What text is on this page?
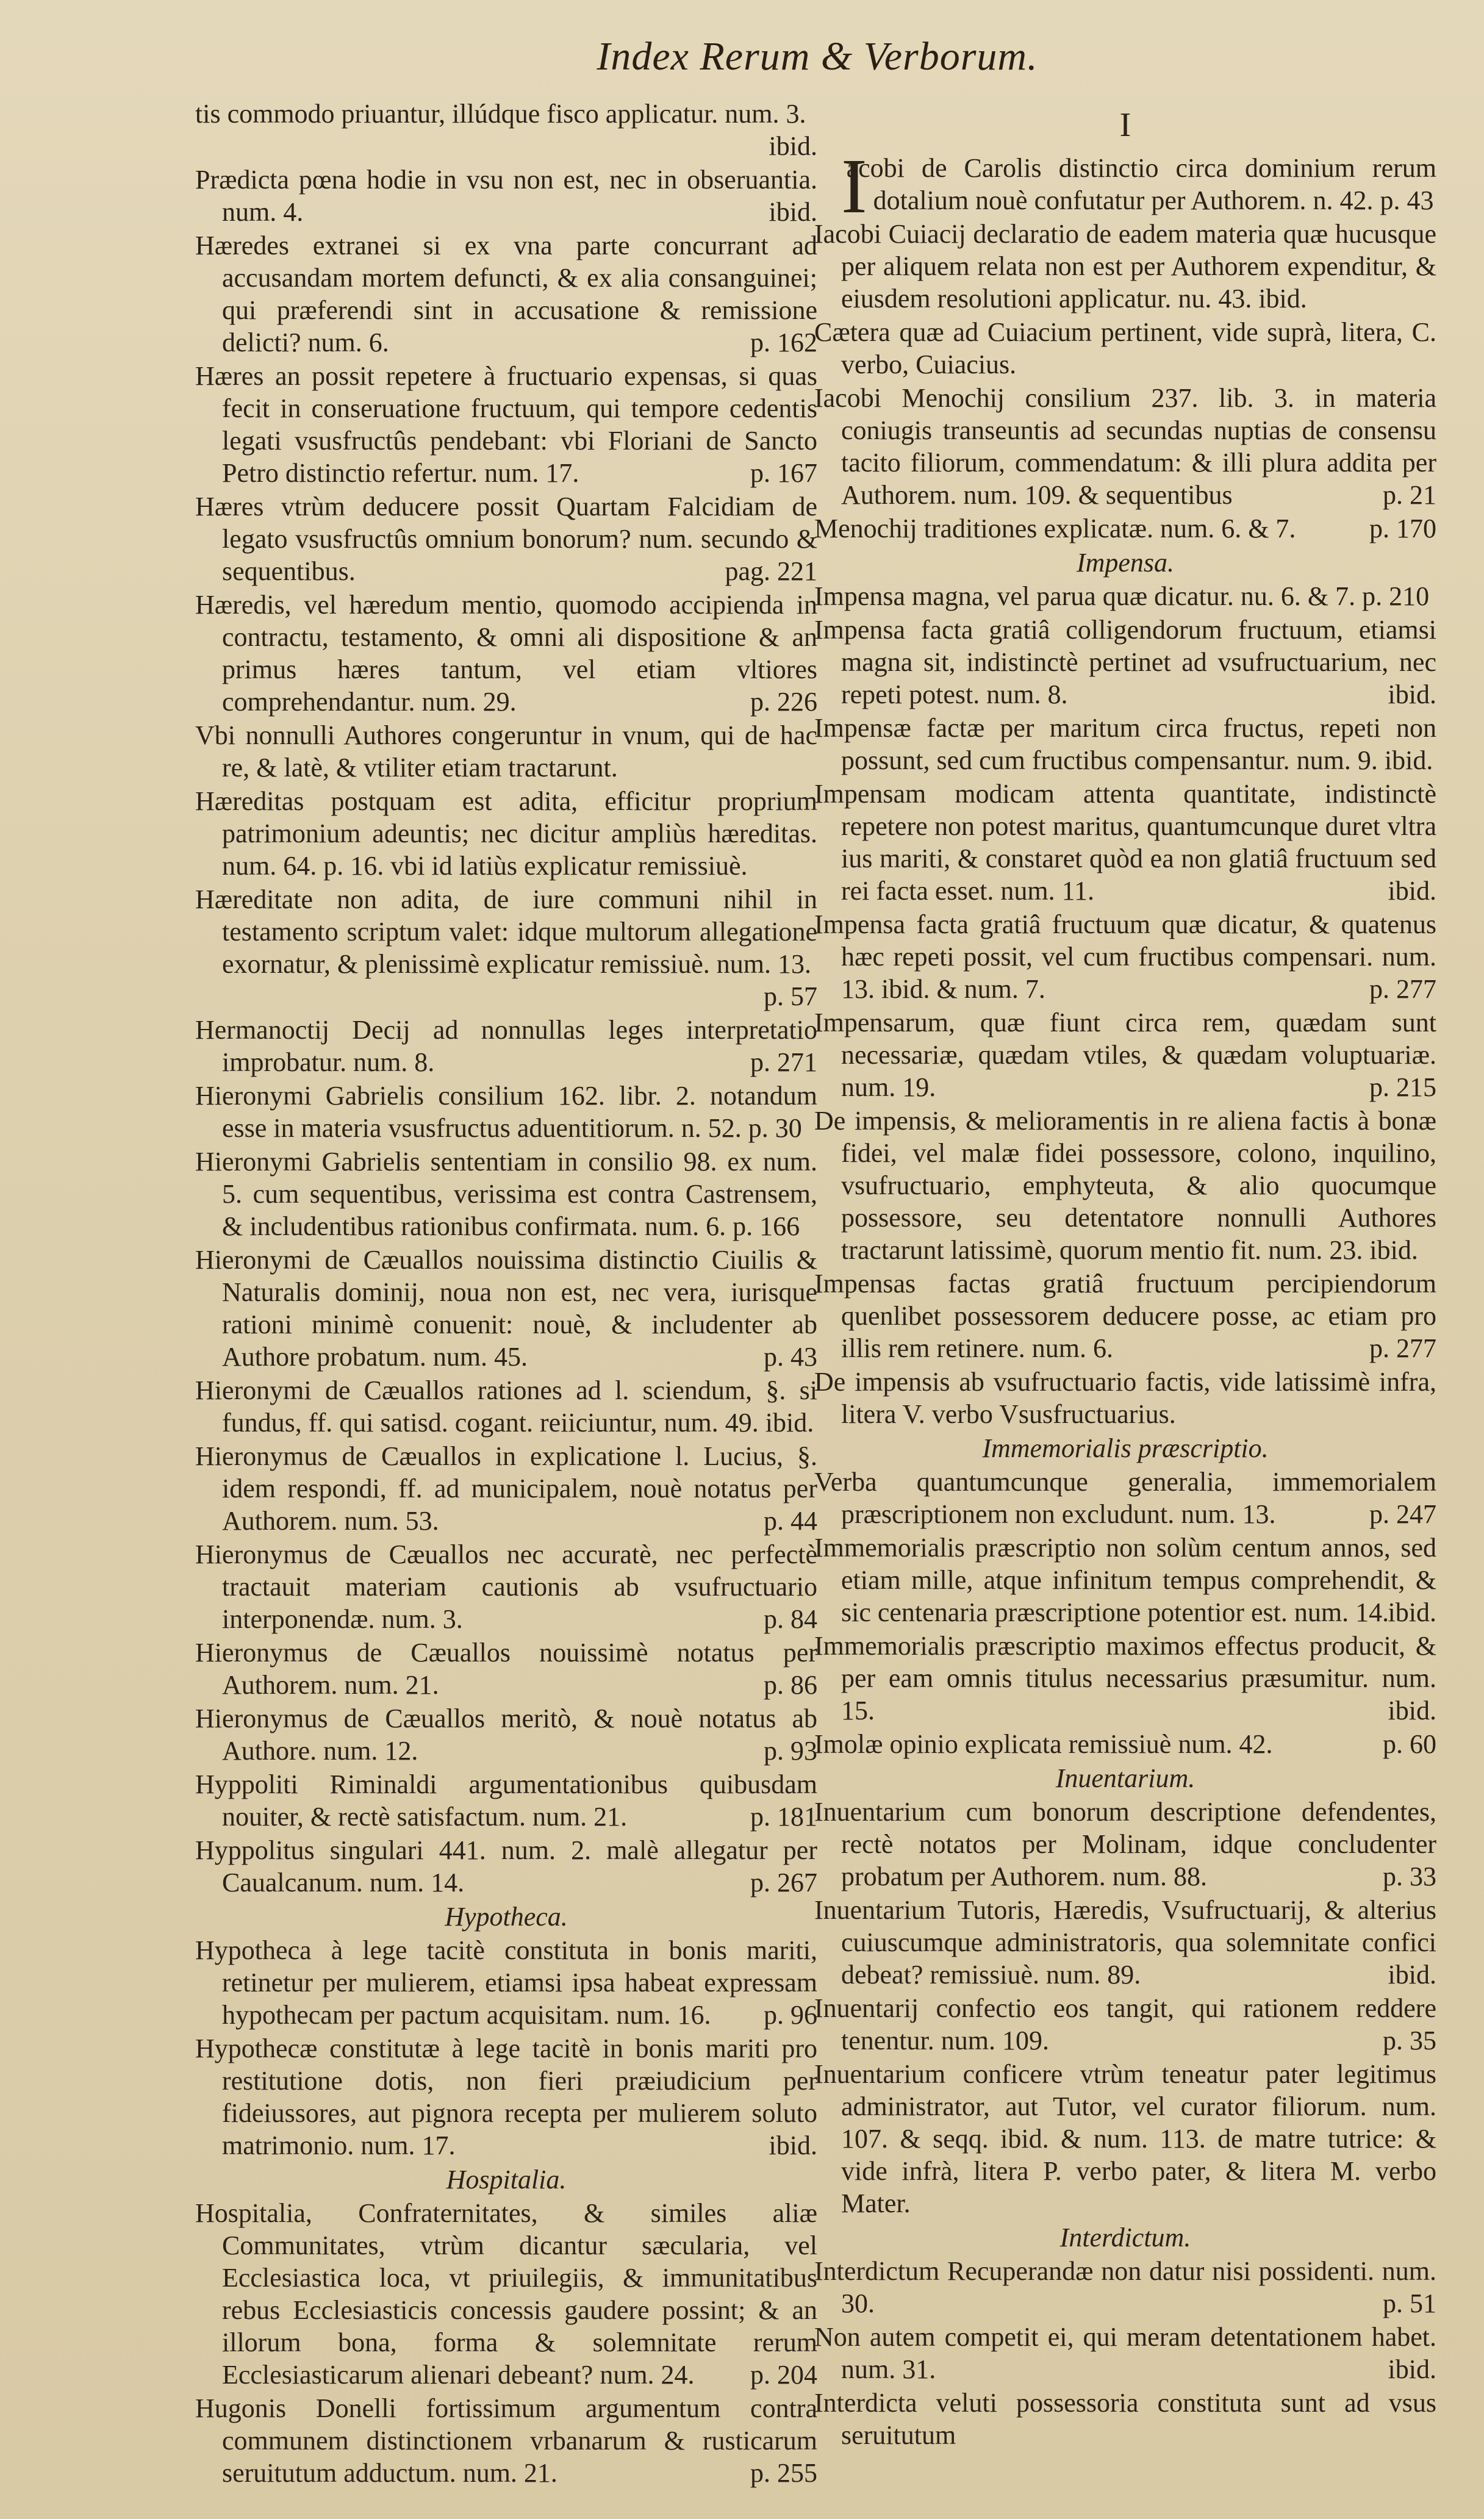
Index Rerum & Verborum.
tis commodo priuantur, illúdque fisco applicatur. num. 3.
ibid.
Prædicta pœna hodie in vsu non est, nec in obseruantia. num. 4.	ibid.
Hæredes extranei si ex vna parte concurrant ad accusandam mortem defuncti, & ex alia consanguinei; qui præferendi sint in accusatione & remissione delicti? num. 6.	p. 162
Hæres an possit repetere à fructuario expensas, si quas fecit in conseruatione fructuum, qui tempore cedentis legati vsusfructûs pendebant: vbi Floriani de Sancto Petro distinctio refertur. num. 17.	p. 167
Hæres vtrùm deducere possit Quartam Falcidiam de legato vsusfructûs omnium bonorum? num. secundo & sequentibus.	pag. 221
Hæredis, vel hæredum mentio, quomodo accipienda in contractu, testamento, & omni ali dispositione & an primus hæres tantum, vel etiam vltiores comprehendantur. num. 29.	p. 226
Vbi nonnulli Authores congeruntur in vnum, qui de hac re, & latè, & vtiliter etiam tractarunt.
Hæreditas postquam est adita, efficitur proprium patrimonium adeuntis; nec dicitur ampliùs hæreditas. num. 64. p. 16. vbi id latiùs explicatur remissiuè.
Hæreditate non adita, de iure communi nihil in testamento scriptum valet: idque multorum allegatione exornatur, & plenissimè explicatur remissiuè. num. 13.
p. 57
Hermanoctij Decij ad nonnullas leges interpretatio improbatur. num. 8.	p. 271
Hieronymi Gabrielis consilium 162. libr. 2. notandum esse in materia vsusfructus aduentitiorum. n. 52. p. 30
Hieronymi Gabrielis sententiam in consilio 98. ex num. 5. cum sequentibus, verissima est contra Castrensem, & includentibus rationibus confirmata. num. 6. p. 166
Hieronymi de Cæuallos nouissima distinctio Ciuilis & Naturalis dominij, noua non est, nec vera, iurisque rationi minimè conuenit: nouè, & includenter ab Authore probatum. num. 45.	p. 43
Hieronymi de Cæuallos rationes ad l. sciendum, §. si fundus, ff. qui satisd. cogant. reiiciuntur, num. 49. ibid.
Hieronymus de Cæuallos in explicatione l. Lucius, §. idem respondi, ff. ad municipalem, nouè notatus per Authorem. num. 53.	p. 44
Hieronymus de Cæuallos nec accuratè, nec perfectè tractauit materiam cautionis ab vsufructuario interponendæ. num. 3.	p. 84
Hieronymus de Cæuallos nouissimè notatus per Authorem. num. 21.	p. 86
Hieronymus de Cæuallos meritò, & nouè notatus ab Authore. num. 12.	p. 93
Hyppoliti Riminaldi argumentationibus quibusdam nouiter, & rectè satisfactum. num. 21.	p. 181
Hyppolitus singulari 441. num. 2. malè allegatur per Caualcanum. num. 14.	p. 267
Hypotheca.
Hypotheca à lege tacitè constituta in bonis mariti, retinetur per mulierem, etiamsi ipsa habeat expressam hypothecam per pactum acquisitam. num. 16. p. 96
Hypothecæ constitutæ à lege tacitè in bonis mariti pro restitutione dotis, non fieri præiudicium per fideiussores, aut pignora recepta per mulierem soluto matrimonio. num. 17.	ibid.
Hospitalia.
Hospitalia, Confraternitates, & similes aliæ Communitates, vtrùm dicantur sæcularia, vel Ecclesiastica loca, vt priuilegiis, & immunitatibus rebus Ecclesiasticis concessis gaudere possint; & an illorum bona, forma & solemnitate rerum Ecclesiasticarum alienari debeant? num. 24. p. 204
Hugonis Donelli fortissimum argumentum contra communem distinctionem vrbanarum & rusticarum seruitutum adductum. num. 21.	p. 255
I
I
acobi de Carolis distinctio circa dominium rerum dotalium nouè confutatur per Authorem. n. 42. p. 43
Iacobi Cuiacij declaratio de eadem materia quæ hucusque per aliquem relata non est per Authorem expenditur, & eiusdem resolutioni applicatur. nu. 43. ibid.
Cætera quæ ad Cuiacium pertinent, vide suprà, litera, C. verbo, Cuiacius.
Iacobi Menochij consilium 237. lib. 3. in materia coniugis transeuntis ad secundas nuptias de consensu tacito filiorum, commendatum: & illi plura addita per Authorem. num. 109. & sequentibus	p. 21
Menochij traditiones explicatæ. num. 6. & 7.	p. 170
Impensa.
Impensa magna, vel parua quæ dicatur. nu. 6. & 7. p. 210
Impensa facta gratiâ colligendorum fructuum, etiamsi magna sit, indistinctè pertinet ad vsufructuarium, nec repeti potest. num. 8.	ibid.
Impensæ factæ per maritum circa fructus, repeti non possunt, sed cum fructibus compensantur. num. 9. ibid.
Impensam modicam attenta quantitate, indistinctè repetere non potest maritus, quantumcunque duret vltra ius mariti, & constaret quòd ea non glatiâ fructuum sed rei facta esset. num. 11.	ibid.
Impensa facta gratiâ fructuum quæ dicatur, & quatenus hæc repeti possit, vel cum fructibus compensari. num. 13. ibid. & num. 7.	p. 277
Impensarum, quæ fiunt circa rem, quædam sunt necessariæ, quædam vtiles, & quædam voluptuariæ. num. 19.	p. 215
De impensis, & melioramentis in re aliena factis à bonæ fidei, vel malæ fidei possessore, colono, inquilino, vsufructuario, emphyteuta, & alio quocumque possessore, seu detentatore nonnulli Authores tractarunt latissimè, quorum mentio fit. num. 23. ibid.
Impensas factas gratiâ fructuum percipiendorum quenlibet possessorem deducere posse, ac etiam pro illis rem retinere. num. 6.	p. 277
De impensis ab vsufructuario factis, vide latissimè infra, litera V. verbo Vsusfructuarius.
Immemorialis præscriptio.
Verba quantumcunque generalia, immemorialem præscriptionem non excludunt. num. 13.	p. 247
Immemorialis præscriptio non solùm centum annos, sed etiam mille, atque infinitum tempus comprehendit, & sic centenaria præscriptione potentior est. num. 14.
ibid.
Immemorialis præscriptio maximos effectus producit, & per eam omnis titulus necessarius præsumitur. num. 15.	ibid.
Imolæ opinio explicata remissiuè num. 42.	p. 60
Inuentarium.
Inuentarium cum bonorum descriptione defendentes, rectè notatos per Molinam, idque concludenter probatum per Authorem. num. 88.	p. 33
Inuentarium Tutoris, Hæredis, Vsufructuarij, & alterius cuiuscumque administratoris, qua solemnitate confici debeat? remissiuè. num. 89.	ibid.
Inuentarij confectio eos tangit, qui rationem reddere tenentur. num. 109.	p. 35
Inuentarium conficere vtrùm teneatur pater legitimus administrator, aut Tutor, vel curator filiorum. num. 107. & seqq. ibid. & num. 113. de matre tutrice: & vide infrà, litera P. verbo pater, & litera M. verbo Mater.
Interdictum.
Interdictum Recuperandæ non datur nisi possidenti. num. 30.	p. 51
Non autem competit ei, qui meram detentationem habet. num. 31.	ibid.
Interdicta veluti possessoria constituta sunt ad vsus seruitutum
